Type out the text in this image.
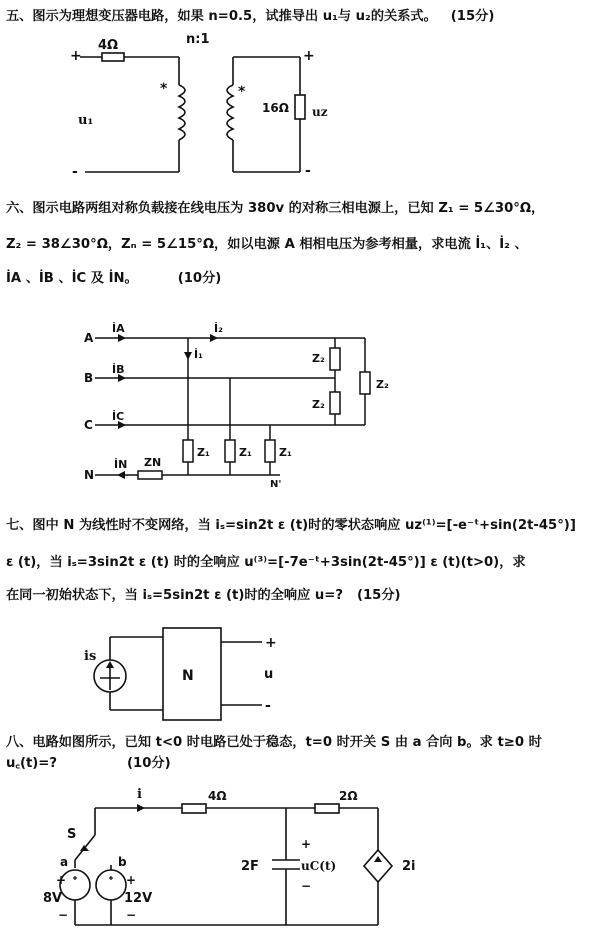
五、图示为理想变压器电路，如果 n=0.5，试推导出 u₁与 u₂的关系式。 (15分)
4Ω	n:1
*	*
+
-
u₁
+
-
16Ω uz
六、图示电路两组对称负载接在线电压为 380v 的对称三相电源上，已知 Z₁ = 5∠30°Ω，
Z₂ = 38∠30°Ω，Zₙ = 5∠15°Ω，如以电源 A 相相电压为参考相量，求电流 İ₁、İ₂ 、
İA 、İB 、İC 及 İN。	(10分)
A
B
C
N
İA
İB
İC
İN
İ₂
İ₁	Z₂
Z₂
Z₂
Z₁	Z₁ Z₁
ZN
N'
七、图中 N 为线性时不变网络，当 iₛ=sin2t ε (t)时的零状态响应 uz⁽¹⁾=[-e⁻ᵗ+sin(2t-45°)]
ε (t)，当 iₛ=3sin2t ε (t) 时的全响应 u⁽³⁾=[-7e⁻ᵗ+3sin(2t-45°)] ε (t)(t>0)，求
在同一初始状态下，当 iₛ=5sin2t ε (t)时的全响应 u=? (15分)
is
N
+
u
-
八、电路如图所示，已知 t<0 时电路已处于稳态，t=0 时开关 S 由 a 合向 b。求 t≥0 时
u꜀(t)=?	(10分)
i	4Ω	2Ω
S
a	b
+	+
8V	12V
−	−
2F
+
uC(t)
−
2i
